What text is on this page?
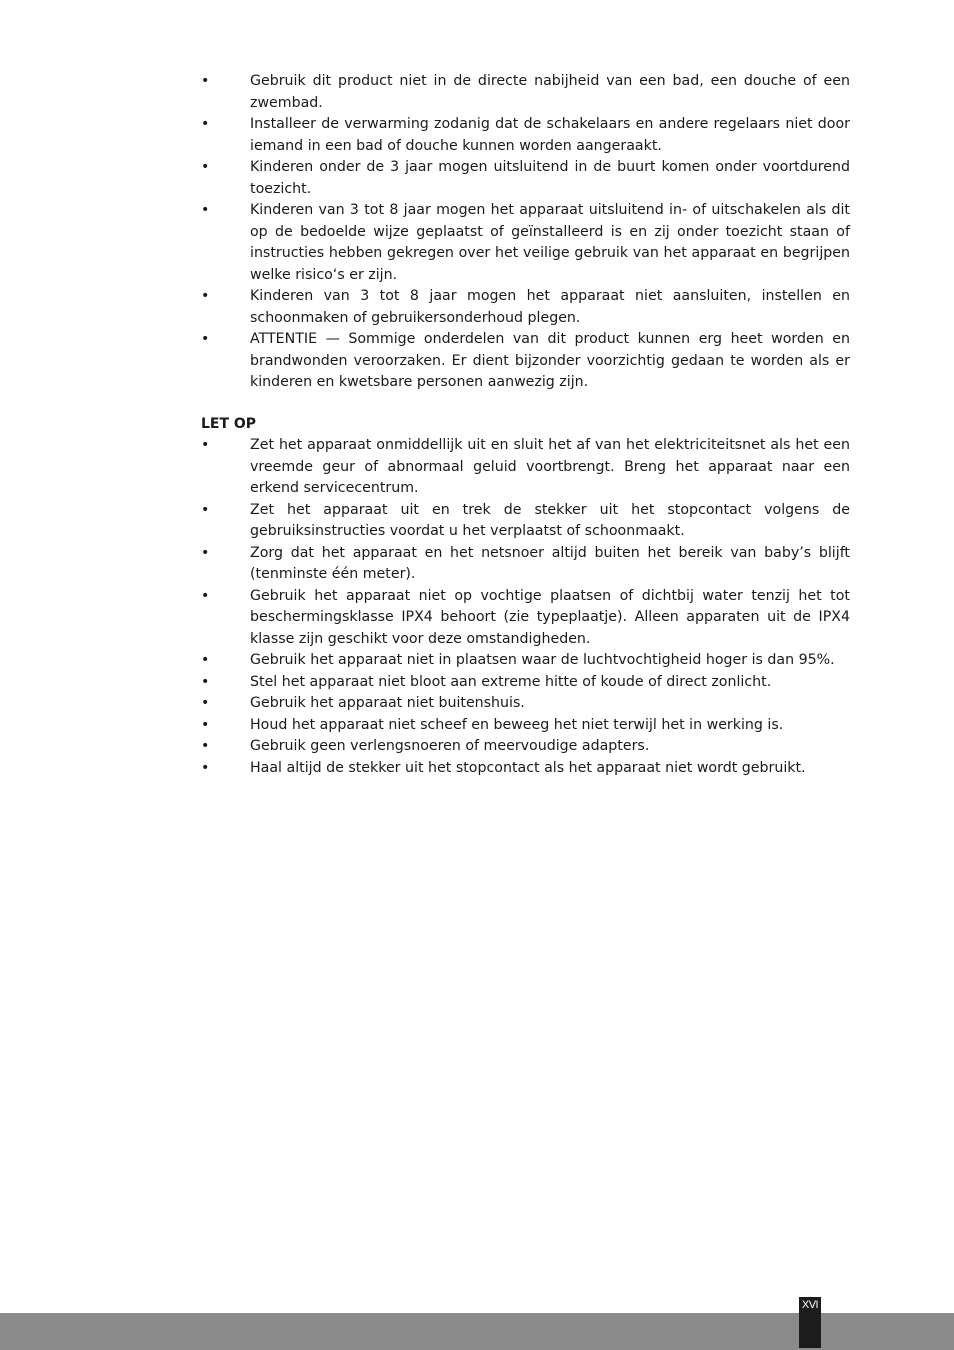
•	Gebruik dit product niet in de directe nabijheid van een bad, een douche of een zwembad.
•	Installeer de verwarming zodanig dat de schakelaars en andere regelaars niet door iemand in een bad of douche kunnen worden aangeraakt.
•	Kinderen onder de 3 jaar mogen uitsluitend in de buurt komen onder voortdurend toezicht.
•	Kinderen van 3 tot 8 jaar mogen het apparaat uitsluitend in- of uitschakelen als dit op de bedoelde wijze geplaatst of geïnstalleerd is en zij onder toezicht staan of instructies hebben gekregen over het veilige gebruik van het apparaat en begrijpen welke risico‘s er zijn.
•	Kinderen van 3 tot 8 jaar mogen het apparaat niet aansluiten, instellen en schoonmaken of gebruikersonderhoud plegen.
•	ATTENTIE — Sommige onderdelen van dit product kunnen erg heet worden en brandwonden veroorzaken. Er dient bijzonder voorzichtig gedaan te worden als er kinderen en kwetsbare personen aanwezig zijn.
LET OP
•	Zet het apparaat onmiddellijk uit en sluit het af van het elektriciteitsnet als het een vreemde geur of abnormaal geluid voortbrengt. Breng het apparaat naar een erkend servicecentrum.
•	Zet het apparaat uit en trek de stekker uit het stopcontact volgens de gebruiksinstructies voordat u het verplaatst of schoonmaakt.
•	Zorg dat het apparaat en het netsnoer altijd buiten het bereik van baby’s blijft (tenminste één meter).
•	Gebruik het apparaat niet op vochtige plaatsen of dichtbij water tenzij het tot beschermingsklasse IPX4 behoort (zie typeplaatje). Alleen apparaten uit de IPX4 klasse zijn geschikt voor deze omstandigheden.
•	Gebruik het apparaat niet in plaatsen waar de luchtvochtigheid hoger is dan 95%.
•	Stel het apparaat niet bloot aan extreme hitte of koude of direct zonlicht.
•	Gebruik het apparaat niet buitenshuis.
•	Houd het apparaat niet scheef en beweeg het niet terwijl het in werking is.
•	Gebruik geen verlengsnoeren of meervoudige adapters.
•	Haal altijd de stekker uit het stopcontact als het apparaat niet wordt gebruikt.
XVI
